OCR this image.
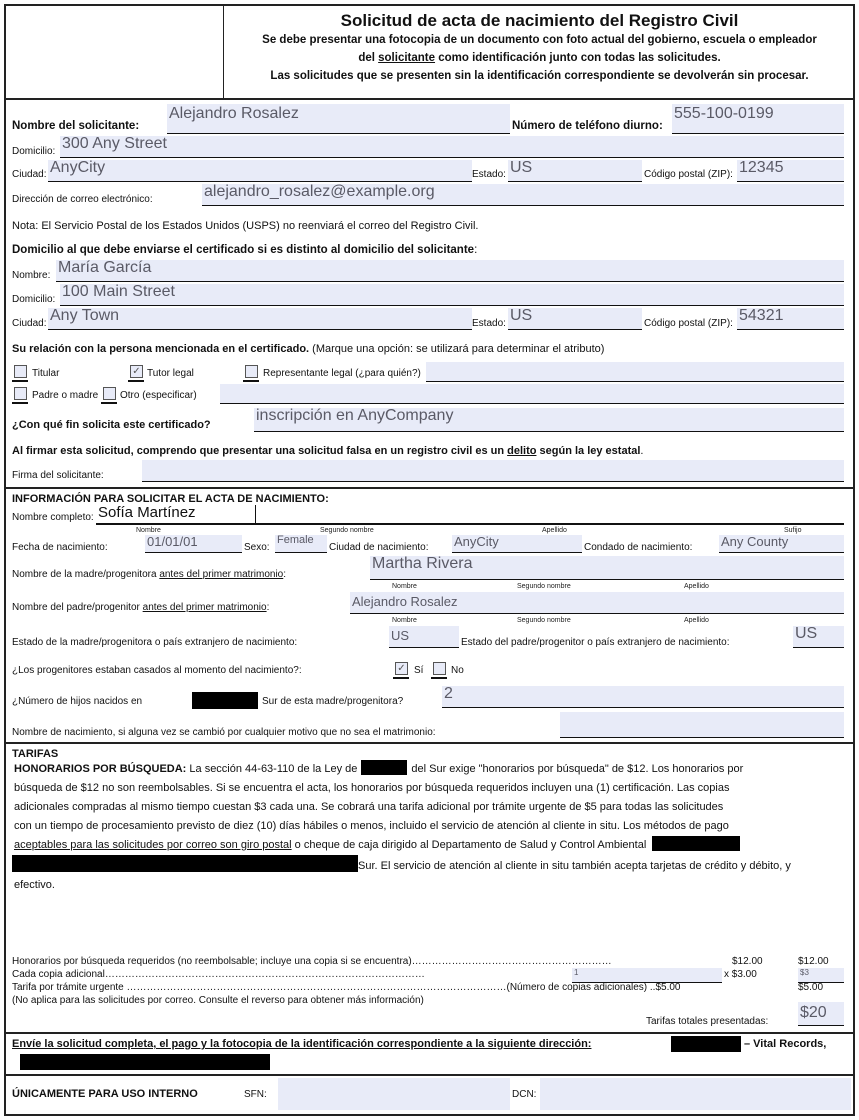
Solicitud de acta de nacimiento del Registro Civil
Se debe presentar una fotocopia de un documento con foto actual del gobierno, escuela o empleador
del solicitante como identificación junto con todas las solicitudes.
Las solicitudes que se presenten sin la identificación correspondiente se devolverán sin procesar.
Nombre del solicitante:
Alejandro Rosalez
Número de teléfono diurno:
555-100-0199
Domicilio: 300 Any Street
Ciudad: AnyCity	Estado: US	Código postal (ZIP): 12345
Dirección de correo electrónico:	alejandro_rosalez@example.org
Nota: El Servicio Postal de los Estados Unidos (USPS) no reenviará el correo del Registro Civil.
Domicilio al que debe enviarse el certificado si es distinto al domicilio del solicitante:
Nombre: María García
Domicilio: 100 Main Street
Ciudad: Any Town	Estado: US	Código postal (ZIP): 54321
Su relación con la persona mencionada en el certificado. (Marque una opción: se utilizará para determinar el atributo)
Titular	✓ Tutor legal	Representante legal (¿para quién?)
Padre o madre Otro (especificar)
¿Con qué fin solicita este certificado?
inscripción en AnyCompany
Al firmar esta solicitud, comprendo que presentar una solicitud falsa en un registro civil es un delito según la ley estatal.
Firma del solicitante:
INFORMACIÓN PARA SOLICITAR EL ACTA DE NACIMIENTO:
Nombre completo: Sofía Martínez
Nombre	Segundo nombre	Apellido	Sufijo
Fecha de nacimiento:	01/01/01	Sexo:
Female
Ciudad de nacimiento: AnyCity	Condado de nacimiento: Any County
Nombre de la madre/progenitora antes del primer matrimonio:
Martha Rivera
Nombre	Segundo nombre	Apellido
Nombre del padre/progenitor antes del primer matrimonio:	Alejandro Rosalez
Nombre	Segundo nombre	Apellido
Estado de la madre/progenitora o país extranjero de nacimiento:	US	Estado del padre/progenitor o país extranjero de nacimiento:
US
¿Los progenitores estaban casados al momento del nacimiento?:	✓ Sí	No
¿Número de hijos nacidos en	Sur de esta madre/progenitora?	2
Nombre de nacimiento, si alguna vez se cambió por cualquier motivo que no sea el matrimonio:
TARIFAS
HONORARIOS POR BÚSQUEDA: La sección 44-63-110 de la Ley de	del Sur exige "honorarios por búsqueda" de $12. Los honorarios por
búsqueda de $12 no son reembolsables. Si se encuentra el acta, los honorarios por búsqueda requeridos incluyen una (1) certificación. Las copias
adicionales compradas al mismo tiempo cuestan $3 cada una. Se cobrará una tarifa adicional por trámite urgente de $5 para todas las solicitudes
con un tiempo de procesamiento previsto de diez (10) días hábiles o menos, incluido el servicio de atención al cliente in situ. Los métodos de pago
aceptables para las solicitudes por correo son giro postal o cheque de caja dirigido al Departamento de Salud y Control Ambiental
Sur. El servicio de atención al cliente in situ también acepta tarjetas de crédito y débito, y
efectivo.
Honorarios por búsqueda requeridos (no reembolsable; incluye una copia si se encuentra)……………………………………………………	$12.00	$12.00
Cada copia adicional……………………………………………………………………………………	1	x $3.00	$3
Tarifa por trámite urgente ……………………………………………………………………………………………………(Número de copias adicionales) ..$5.00	$5.00
(No aplica para las solicitudes por correo. Consulte el reverso para obtener más información)
Tarifas totales presentadas:
$20
Envíe la solicitud completa, el pago y la fotocopia de la identificación correspondiente a la siguiente dirección:	– Vital Records,
ÚNICAMENTE PARA USO INTERNO	SFN:	DCN:
